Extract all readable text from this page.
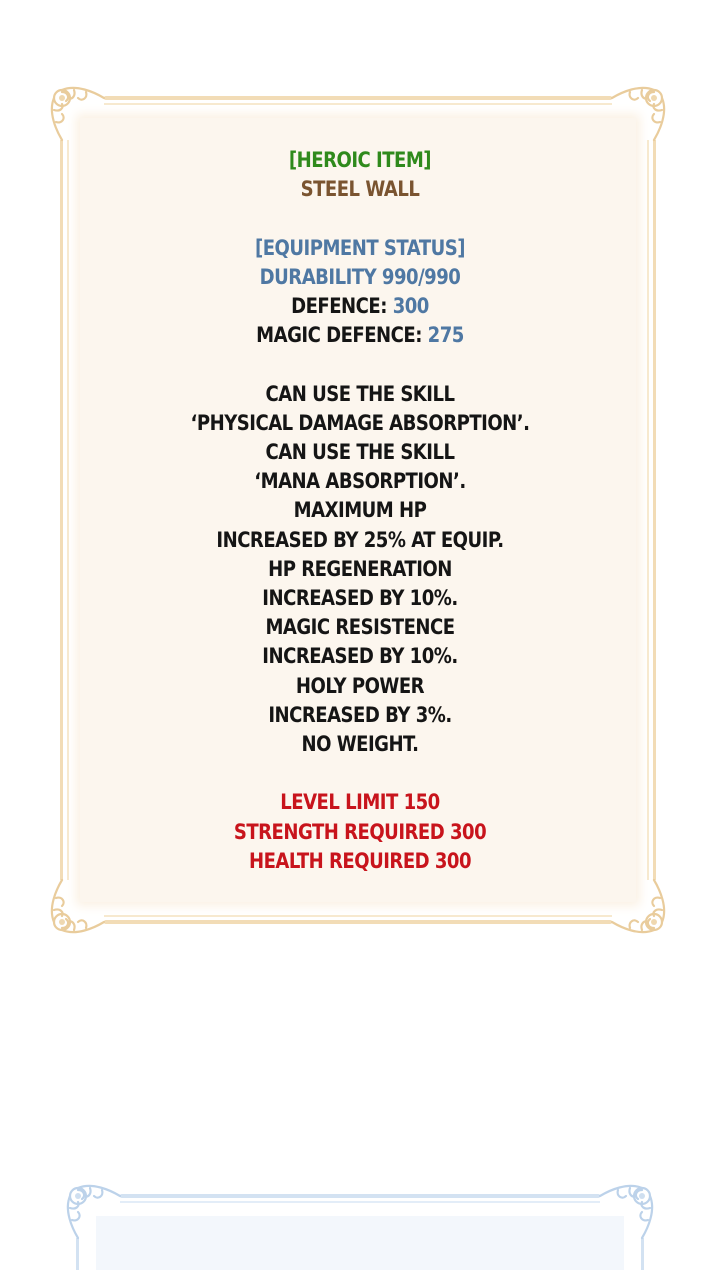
[HEROIC ITEM]
STEEL WALL
[EQUIPMENT STATUS]
DURABILITY 990/990
DEFENCE: 300
MAGIC DEFENCE: 275
CAN USE THE SKILL
‘PHYSICAL DAMAGE ABSORPTION’.
CAN USE THE SKILL
‘MANA ABSORPTION’.
MAXIMUM HP
INCREASED BY 25% AT EQUIP.
HP REGENERATION
INCREASED BY 10%.
MAGIC RESISTENCE
INCREASED BY 10%.
HOLY POWER
INCREASED BY 3%.
NO WEIGHT.
LEVEL LIMIT 150
STRENGTH REQUIRED 300
HEALTH REQUIRED 300
